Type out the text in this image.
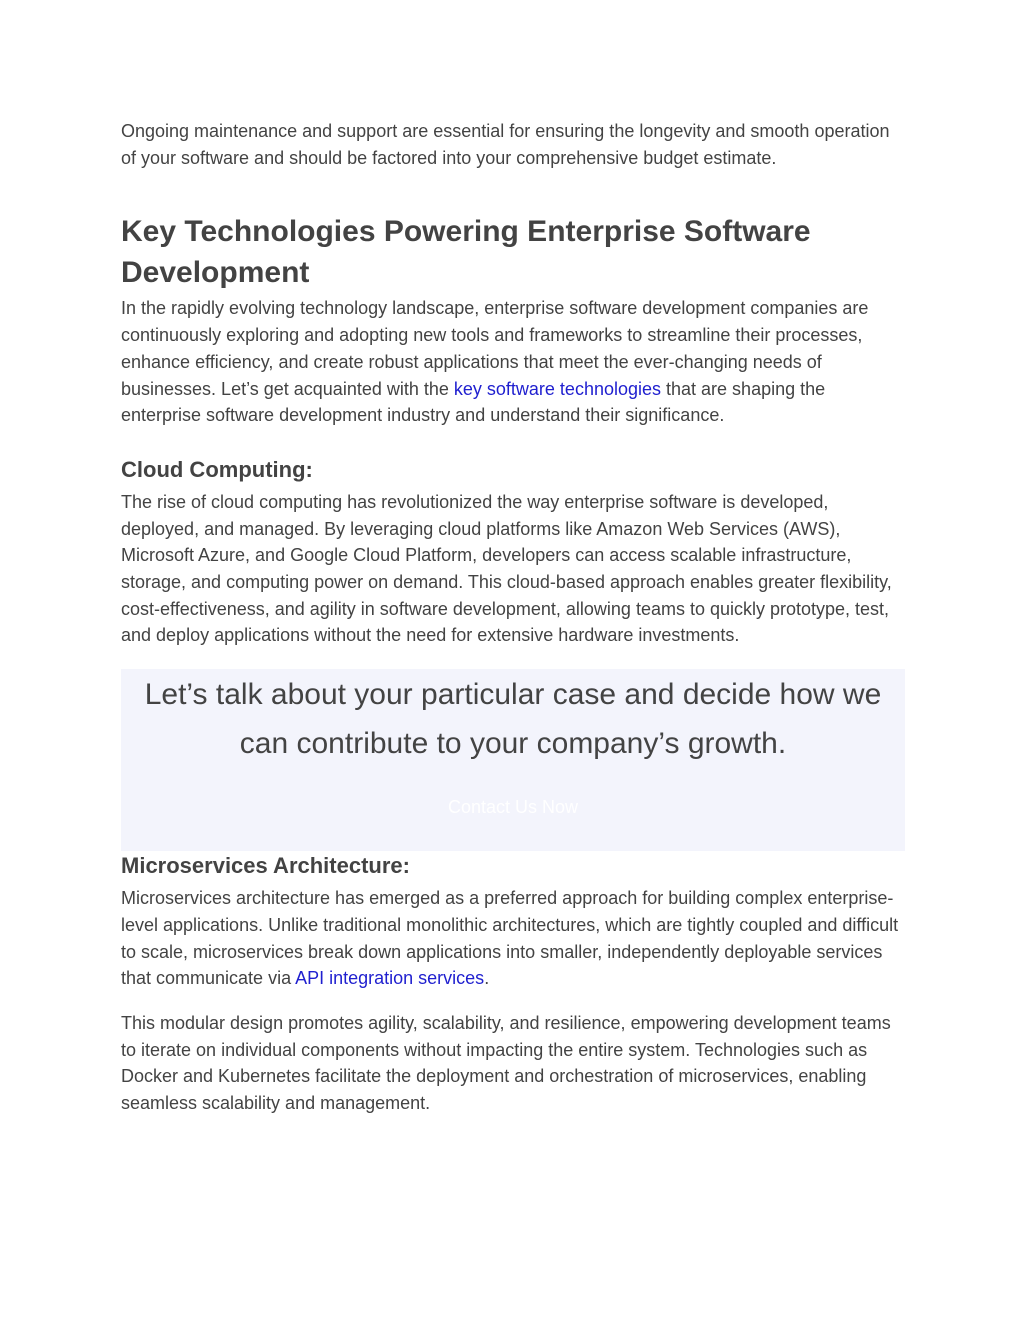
Ongoing maintenance and support are essential for ensuring the longevity and smooth operation of your software and should be factored into your comprehensive budget estimate.

Key Technologies Powering Enterprise Software Development

In the rapidly evolving technology landscape, enterprise software development companies are continuously exploring and adopting new tools and frameworks to streamline their processes, enhance efficiency, and create robust applications that meet the ever-changing needs of businesses. Let’s get acquainted with the key software technologies that are shaping the enterprise software development industry and understand their significance.

Cloud Computing:

The rise of cloud computing has revolutionized the way enterprise software is developed, deployed, and managed. By leveraging cloud platforms like Amazon Web Services (AWS), Microsoft Azure, and Google Cloud Platform, developers can access scalable infrastructure, storage, and computing power on demand. This cloud-based approach enables greater flexibility, cost-effectiveness, and agility in software development, allowing teams to quickly prototype, test, and deploy applications without the need for extensive hardware investments.

Let’s talk about your particular case and decide how we can contribute to your company’s growth.
Contact Us Now
Microservices Architecture:

Microservices architecture has emerged as a preferred approach for building complex enterprise-level applications. Unlike traditional monolithic architectures, which are tightly coupled and difficult to scale, microservices break down applications into smaller, independently deployable services that communicate via API integration services.

This modular design promotes agility, scalability, and resilience, empowering development teams to iterate on individual components without impacting the entire system. Technologies such as Docker and Kubernetes facilitate the deployment and orchestration of microservices, enabling seamless scalability and management.
